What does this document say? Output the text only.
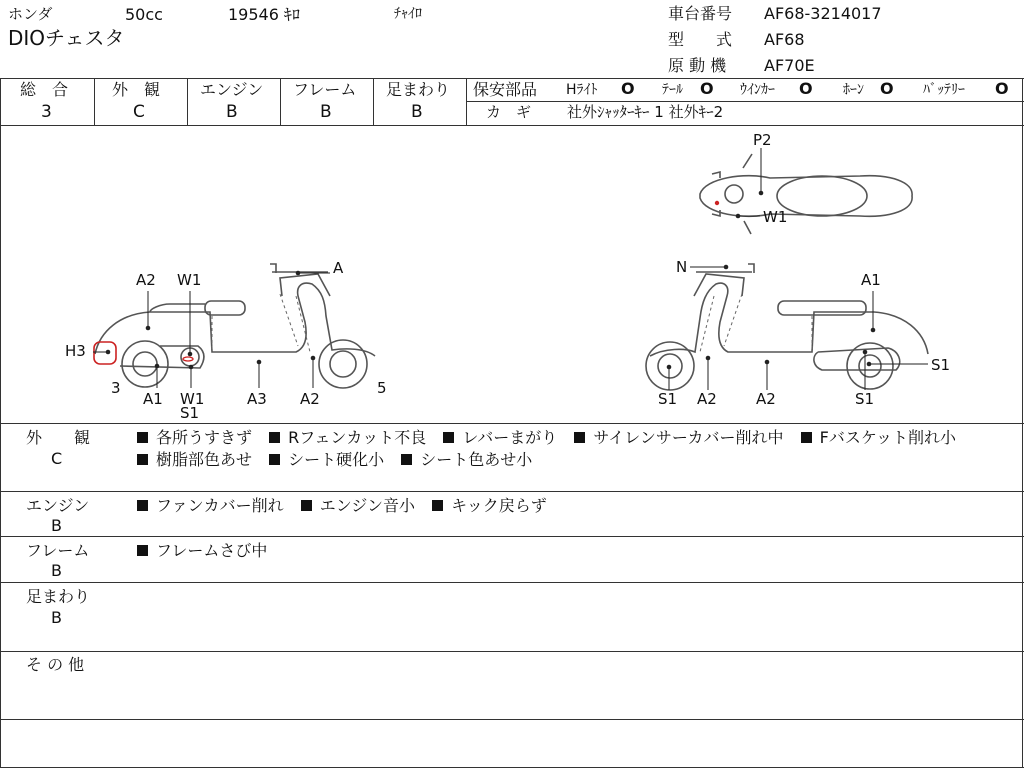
ホンダ	50cc	19546 ｷﾛ	ﾁｬｲﾛ
DIOチェスタ
車台番号 AF68-3214017
型　　式 AF68
原 動 機 AF70E
総　合
3
外　観
C
エンジン
B
フレーム
B
足まわり
B
保安部品 Hﾗｲﾄ O ﾃｰﾙ O ｳｲﾝｶｰ O ﾎｰﾝ O ﾊﾞｯﾃﾘｰ O
カ　ギ 社外ｼｬｯﾀｰｷｰ 1 社外ｷｰ2
A2 W1
A
H3
3
A1 W1
S1
A3 A2
5
N
A1
S1
S1 A2	A2	S1
P2
W1
外　　観
C
各所うすきず Rフェンカット不良 レバーまがり サイレンサーカバー削れ中 Fバスケット削れ小
樹脂部色あせ シート硬化小 シート色あせ小
エンジン
B
ファンカバー削れ エンジン音小 キック戻らず
フレーム
B
フレームさび中
足まわり
B
そ の 他
